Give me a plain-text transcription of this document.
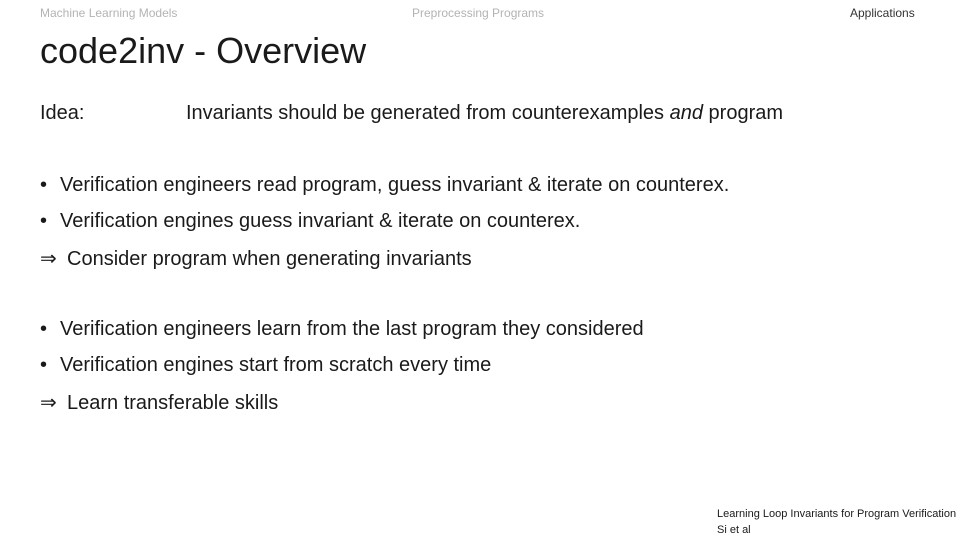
Machine Learning Models	Preprocessing Programs	Applications
code2inv - Overview
Idea:	Invariants should be generated from counterexamples and program
• Verification engineers read program, guess invariant & iterate on counterex.
• Verification engines guess invariant & iterate on counterex.
⇒ Consider program when generating invariants
• Verification engineers learn from the last program they considered
• Verification engines start from scratch every time
⇒ Learn transferable skills
Learning Loop Invariants for Program Verification
Si et al
